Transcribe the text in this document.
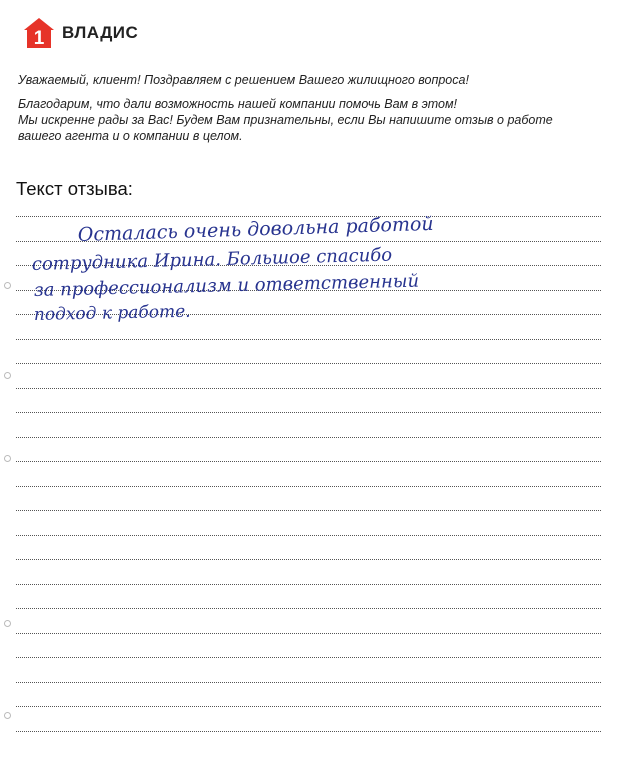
1 ВЛАДИС

Уважаемый, клиент! Поздравляем с решением Вашего жилищного вопроса!

Благодарим, что дали возможность нашей компании помочь Вам в этом!

Мы искренне рады за Вас! Будем Вам признательны, если Вы напишите отзыв о работе

вашего агента и о компании в целом.

Текст отзыва:
Осталась очень довольна работой
сотрудника Ирина. Большое спасибо
за профессионализм и ответственный
подход к работе.
